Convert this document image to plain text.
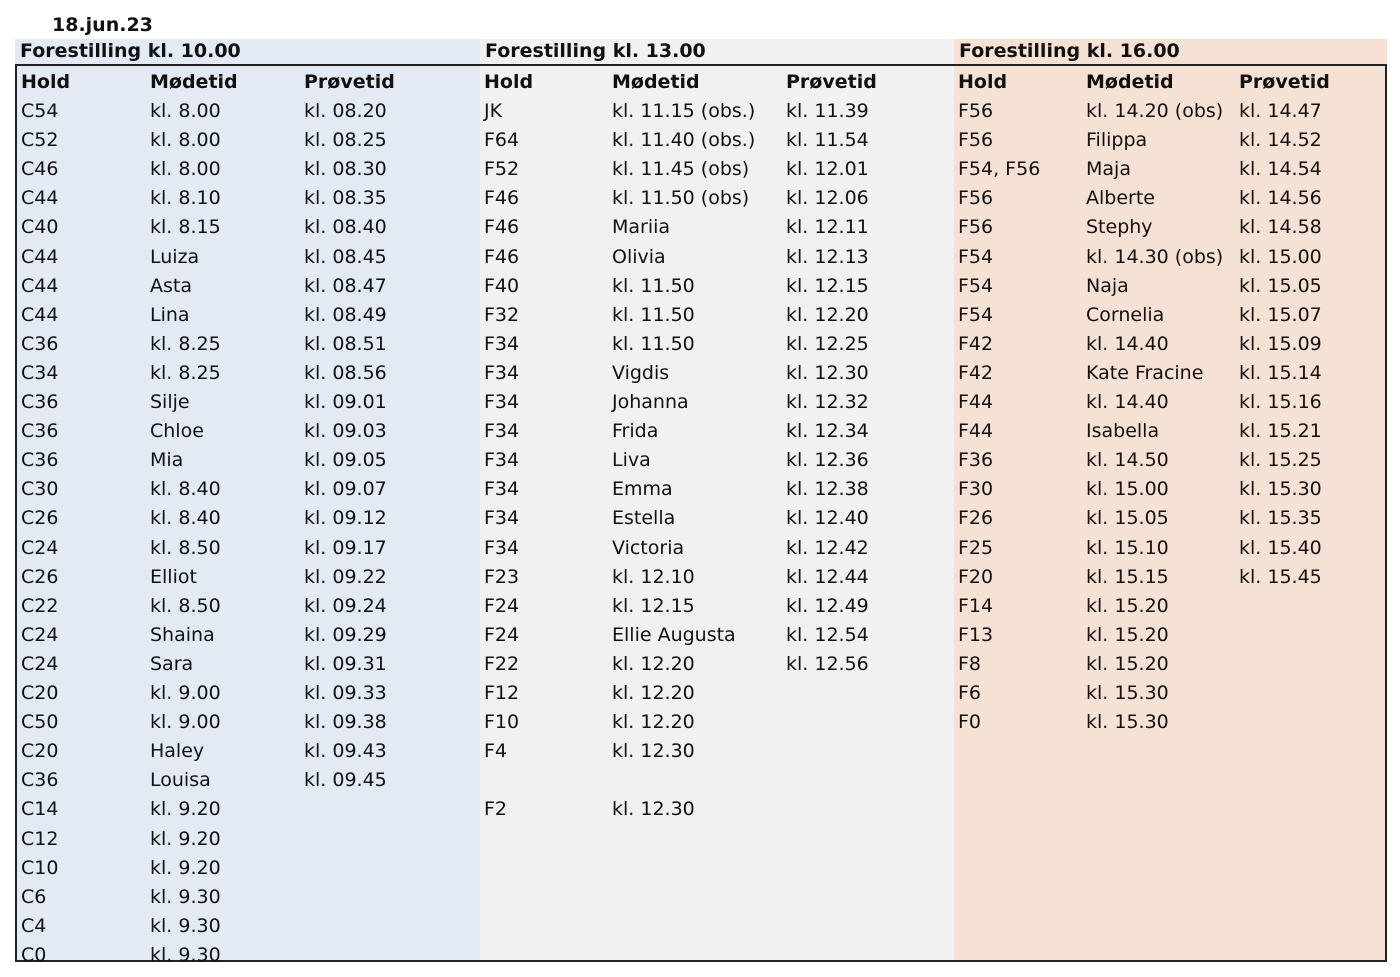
18.jun.23
Forestilling kl. 10.00	Forestilling kl. 13.00	Forestilling kl. 16.00
Hold	Mødetid	Prøvetid
C54	kl. 8.00	kl. 08.20
C52	kl. 8.00	kl. 08.25
C46	kl. 8.00	kl. 08.30
C44	kl. 8.10	kl. 08.35
C40	kl. 8.15	kl. 08.40
C44	Luiza	kl. 08.45
C44	Asta	kl. 08.47
C44	Lina	kl. 08.49
C36	kl. 8.25	kl. 08.51
C34	kl. 8.25	kl. 08.56
C36	Silje	kl. 09.01
C36	Chloe	kl. 09.03
C36	Mia	kl. 09.05
C30	kl. 8.40	kl. 09.07
C26	kl. 8.40	kl. 09.12
C24	kl. 8.50	kl. 09.17
C26	Elliot	kl. 09.22
C22	kl. 8.50	kl. 09.24
C24	Shaina	kl. 09.29
C24	Sara	kl. 09.31
C20	kl. 9.00	kl. 09.33
C50	kl. 9.00	kl. 09.38
C20	Haley	kl. 09.43
C36	Louisa	kl. 09.45
C14	kl. 9.20
C12	kl. 9.20
C10	kl. 9.20
C6	kl. 9.30
C4	kl. 9.30
C0	kl. 9.30
Hold	Mødetid	Prøvetid
JK	kl. 11.15 (obs.) kl. 11.39
F64	kl. 11.40 (obs.) kl. 11.54
F52	kl. 11.45 (obs) kl. 12.01
F46	kl. 11.50 (obs) kl. 12.06
F46	Mariia	kl. 12.11
F46	Olivia	kl. 12.13
F40	kl. 11.50	kl. 12.15
F32	kl. 11.50	kl. 12.20
F34	kl. 11.50	kl. 12.25
F34	Vigdis	kl. 12.30
F34	Johanna	kl. 12.32
F34	Frida	kl. 12.34
F34	Liva	kl. 12.36
F34	Emma	kl. 12.38
F34	Estella	kl. 12.40
F34	Victoria	kl. 12.42
F23	kl. 12.10	kl. 12.44
F24	kl. 12.15	kl. 12.49
F24	Ellie Augusta	kl. 12.54
F22	kl. 12.20	kl. 12.56
F12	kl. 12.20
F10	kl. 12.20
F4	kl. 12.30
F2	kl. 12.30
Hold	Mødetid	Prøvetid
F56	kl. 14.20 (obs) kl. 14.47
F56	Filippa	kl. 14.52
F54, F56 Maja	kl. 14.54
F56	Alberte	kl. 14.56
F56	Stephy	kl. 14.58
F54	kl. 14.30 (obs) kl. 15.00
F54	Naja	kl. 15.05
F54	Cornelia	kl. 15.07
F42	kl. 14.40	kl. 15.09
F42	Kate Fracine kl. 15.14
F44	kl. 14.40	kl. 15.16
F44	Isabella	kl. 15.21
F36	kl. 14.50	kl. 15.25
F30	kl. 15.00	kl. 15.30
F26	kl. 15.05	kl. 15.35
F25	kl. 15.10	kl. 15.40
F20	kl. 15.15	kl. 15.45
F14	kl. 15.20
F13	kl. 15.20
F8	kl. 15.20
F6	kl. 15.30
F0	kl. 15.30
